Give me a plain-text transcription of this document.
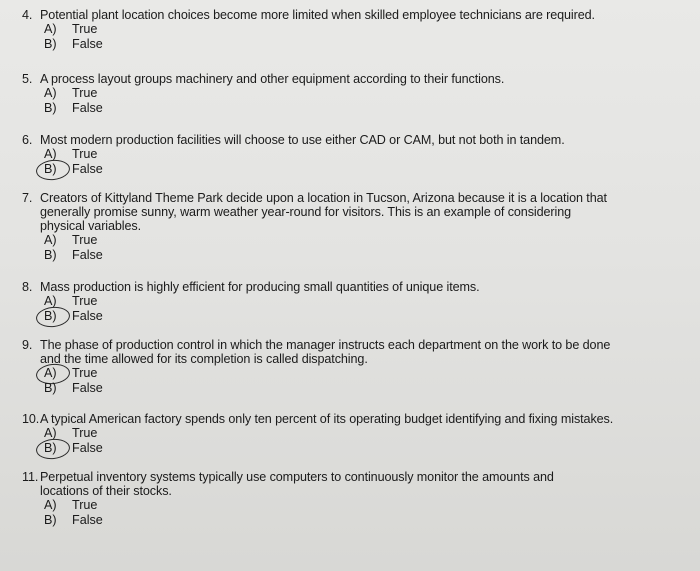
4. Potential plant location choices become more limited when skilled employee technicians are required.
A) True
B) False
5. A process layout groups machinery and other equipment according to their functions.
A) True
B) False
6. Most modern production facilities will choose to use either CAD or CAM, but not both in tandem.
A) True
B) False
7. Creators of Kittyland Theme Park decide upon a location in Tucson, Arizona because it is a location that
generally promise sunny, warm weather year-round for visitors. This is an example of considering
physical variables.
A) True
B) False
8. Mass production is highly efficient for producing small quantities of unique items.
A) True
B) False
9. The phase of production control in which the manager instructs each department on the work to be done
and the time allowed for its completion is called dispatching.
A) True
B) False
10.A typical American factory spends only ten percent of its operating budget identifying and fixing mistakes.
A) True
B) False
11. Perpetual inventory systems typically use computers to continuously monitor the amounts and
locations of their stocks.
A) True
B) False
